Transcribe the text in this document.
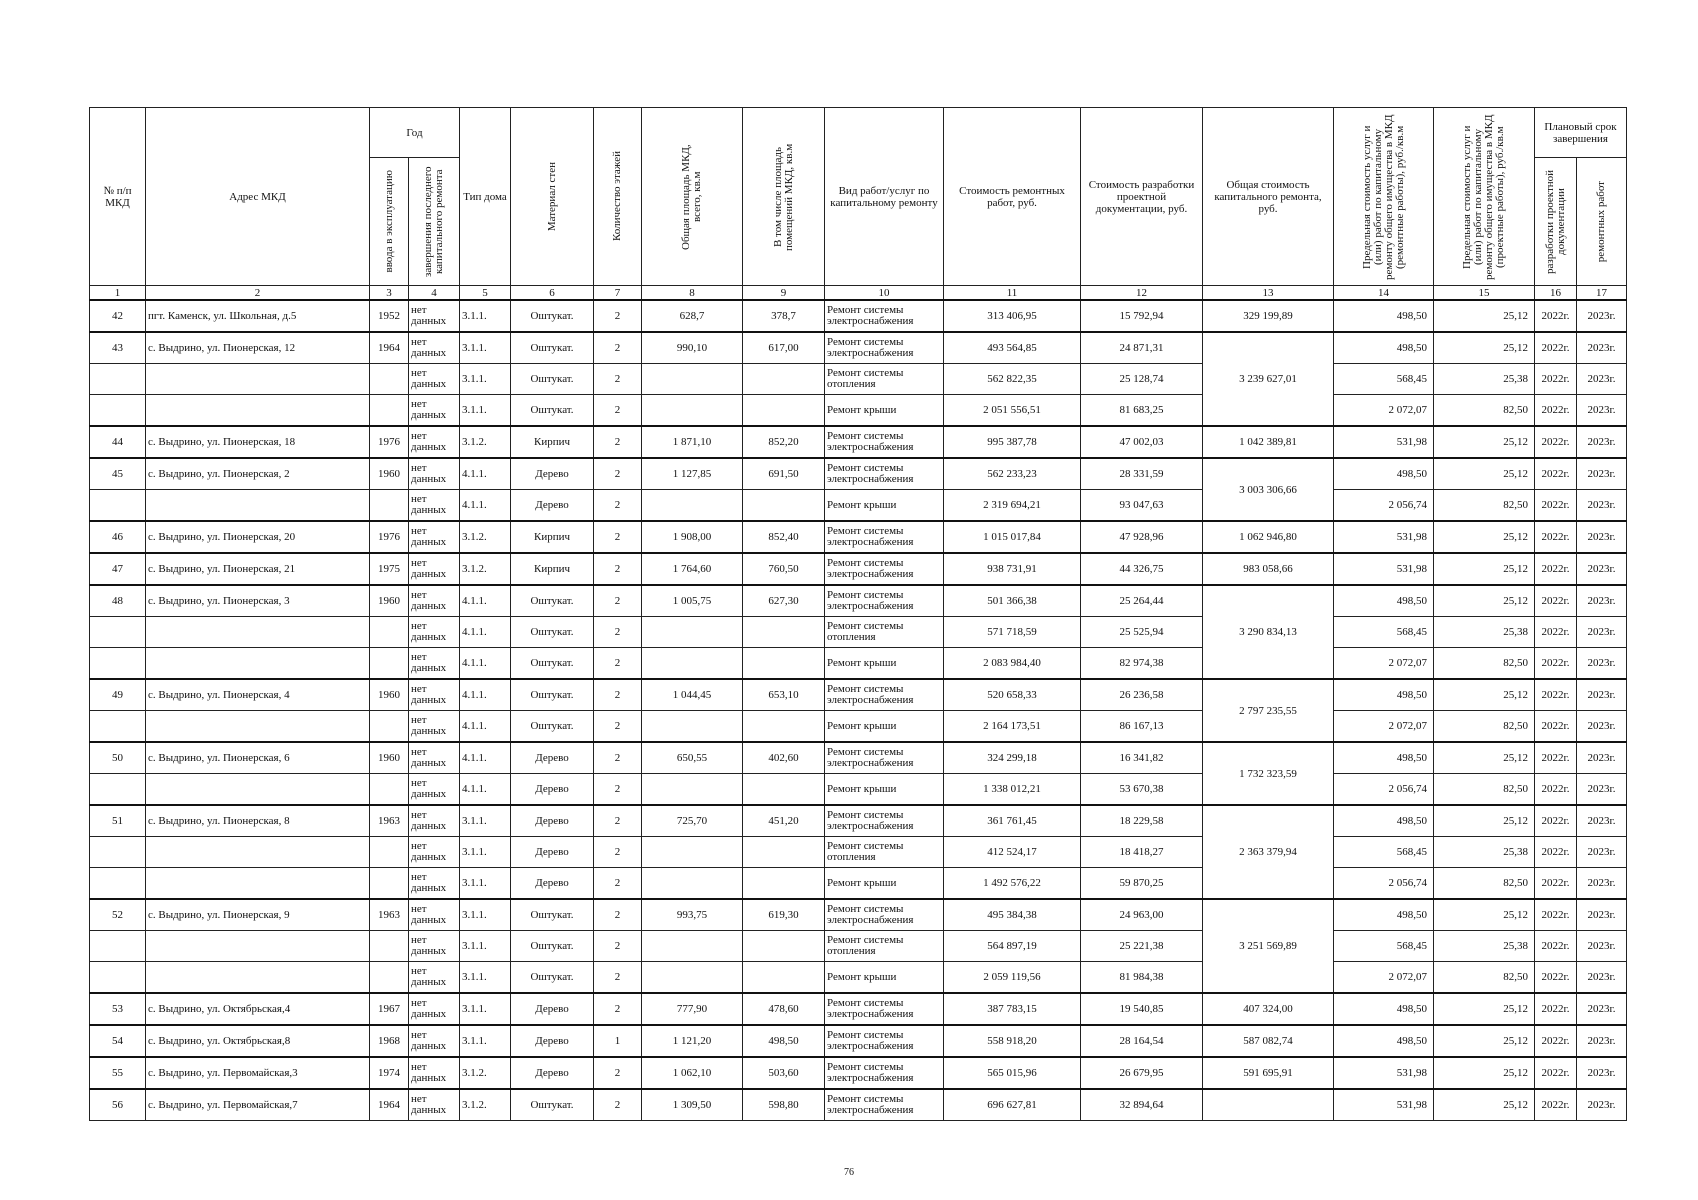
№ п/п МКД	Адрес МКД	Год		Тип дома	Материал стен	Количество этажей	Общая площадь МКД, всего, кв.м	В том числе площадь помещений МКД, кв.м	Вид работ/услуг по капитальному ремонту	Стоимость ремонтных работ, руб.	Стоимость разработки проектной документации, руб.	Общая стоимость капитального ремонта, руб.	Предельная стоимость услуг и (или) работ по капитальному ремонту общего имущества в МКД (ремонтные работы), руб./кв.м	Предельная стоимость услуг и (или) работ по капитальному ремонту общего имущества в МКД (проектные работы), руб./кв.м	Плановый срок завершения	

		ввода в эксплуатацию	завершения последнего капитального ремонта												разработки проектной документации	ремонтных работ

1	2	3	4	5	6	7	8	9	10	11	12	13	14	15	16	17
42	пгт. Каменск, ул. Школьная, д.5	1952	нет данных	3.1.1.	Оштукат.	2	628,7	378,7	Ремонт системы электроснабжения	313 406,95	15 792,94	329 199,89	498,50	25,12	2022г.	2023г.
43	с. Выдрино, ул. Пионерская, 12	1964	нет данных	3.1.1.	Оштукат.	2	990,10	617,00	Ремонт системы электроснабжения	493 564,85	24 871,31	3 239 627,01	498,50	25,12	2022г.	2023г.
			нет данных	3.1.1.	Оштукат.	2			Ремонт системы отопления	562 822,35	25 128,74		568,45	25,38	2022г.	2023г.
			нет данных	3.1.1.	Оштукат.	2			Ремонт крыши	2 051 556,51	81 683,25		2 072,07	82,50	2022г.	2023г.
44	с. Выдрино, ул. Пионерская, 18	1976	нет данных	3.1.2.	Кирпич	2	1 871,10	852,20	Ремонт системы электроснабжения	995 387,78	47 002,03	1 042 389,81	531,98	25,12	2022г.	2023г.
45	с. Выдрино, ул. Пионерская, 2	1960	нет данных	4.1.1.	Дерево	2	1 127,85	691,50	Ремонт системы электроснабжения	562 233,23	28 331,59	3 003 306,66	498,50	25,12	2022г.	2023г.
			нет данных	4.1.1.	Дерево	2			Ремонт крыши	2 319 694,21	93 047,63		2 056,74	82,50	2022г.	2023г.
46	с. Выдрино, ул. Пионерская, 20	1976	нет данных	3.1.2.	Кирпич	2	1 908,00	852,40	Ремонт системы электроснабжения	1 015 017,84	47 928,96	1 062 946,80	531,98	25,12	2022г.	2023г.
47	с. Выдрино, ул. Пионерская, 21	1975	нет данных	3.1.2.	Кирпич	2	1 764,60	760,50	Ремонт системы электроснабжения	938 731,91	44 326,75	983 058,66	531,98	25,12	2022г.	2023г.
48	с. Выдрино, ул. Пионерская, 3	1960	нет данных	4.1.1.	Оштукат.	2	1 005,75	627,30	Ремонт системы электроснабжения	501 366,38	25 264,44	3 290 834,13	498,50	25,12	2022г.	2023г.
			нет данных	4.1.1.	Оштукат.	2			Ремонт системы отопления	571 718,59	25 525,94		568,45	25,38	2022г.	2023г.
			нет данных	4.1.1.	Оштукат.	2			Ремонт крыши	2 083 984,40	82 974,38		2 072,07	82,50	2022г.	2023г.
49	с. Выдрино, ул. Пионерская, 4	1960	нет данных	4.1.1.	Оштукат.	2	1 044,45	653,10	Ремонт системы электроснабжения	520 658,33	26 236,58	2 797 235,55	498,50	25,12	2022г.	2023г.
			нет данных	4.1.1.	Оштукат.	2			Ремонт крыши	2 164 173,51	86 167,13		2 072,07	82,50	2022г.	2023г.
50	с. Выдрино, ул. Пионерская, 6	1960	нет данных	4.1.1.	Дерево	2	650,55	402,60	Ремонт системы электроснабжения	324 299,18	16 341,82	1 732 323,59	498,50	25,12	2022г.	2023г.
			нет данных	4.1.1.	Дерево	2			Ремонт крыши	1 338 012,21	53 670,38		2 056,74	82,50	2022г.	2023г.
51	с. Выдрино, ул. Пионерская, 8	1963	нет данных	3.1.1.	Дерево	2	725,70	451,20	Ремонт системы электроснабжения	361 761,45	18 229,58	2 363 379,94	498,50	25,12	2022г.	2023г.
			нет данных	3.1.1.	Дерево	2			Ремонт системы отопления	412 524,17	18 418,27		568,45	25,38	2022г.	2023г.
			нет данных	3.1.1.	Дерево	2			Ремонт крыши	1 492 576,22	59 870,25		2 056,74	82,50	2022г.	2023г.
52	с. Выдрино, ул. Пионерская, 9	1963	нет данных	3.1.1.	Оштукат.	2	993,75	619,30	Ремонт системы электроснабжения	495 384,38	24 963,00	3 251 569,89	498,50	25,12	2022г.	2023г.
			нет данных	3.1.1.	Оштукат.	2			Ремонт системы отопления	564 897,19	25 221,38		568,45	25,38	2022г.	2023г.
			нет данных	3.1.1.	Оштукат.	2			Ремонт крыши	2 059 119,56	81 984,38		2 072,07	82,50	2022г.	2023г.
53	с. Выдрино, ул. Октябрьская,4	1967	нет данных	3.1.1.	Дерево	2	777,90	478,60	Ремонт системы электроснабжения	387 783,15	19 540,85	407 324,00	498,50	25,12	2022г.	2023г.
54	с. Выдрино, ул. Октябрьская,8	1968	нет данных	3.1.1.	Дерево	1	1 121,20	498,50	Ремонт системы электроснабжения	558 918,20	28 164,54	587 082,74	498,50	25,12	2022г.	2023г.
55	с. Выдрино, ул. Первомайская,3	1974	нет данных	3.1.2.	Дерево	2	1 062,10	503,60	Ремонт системы электроснабжения	565 015,96	26 679,95	591 695,91	531,98	25,12	2022г.	2023г.
56	с. Выдрино, ул. Первомайская,7	1964	нет данных	3.1.2.	Оштукат.	2	1 309,50	598,80	Ремонт системы электроснабжения	696 627,81	32 894,64		531,98	25,12	2022г.	2023г.
76
